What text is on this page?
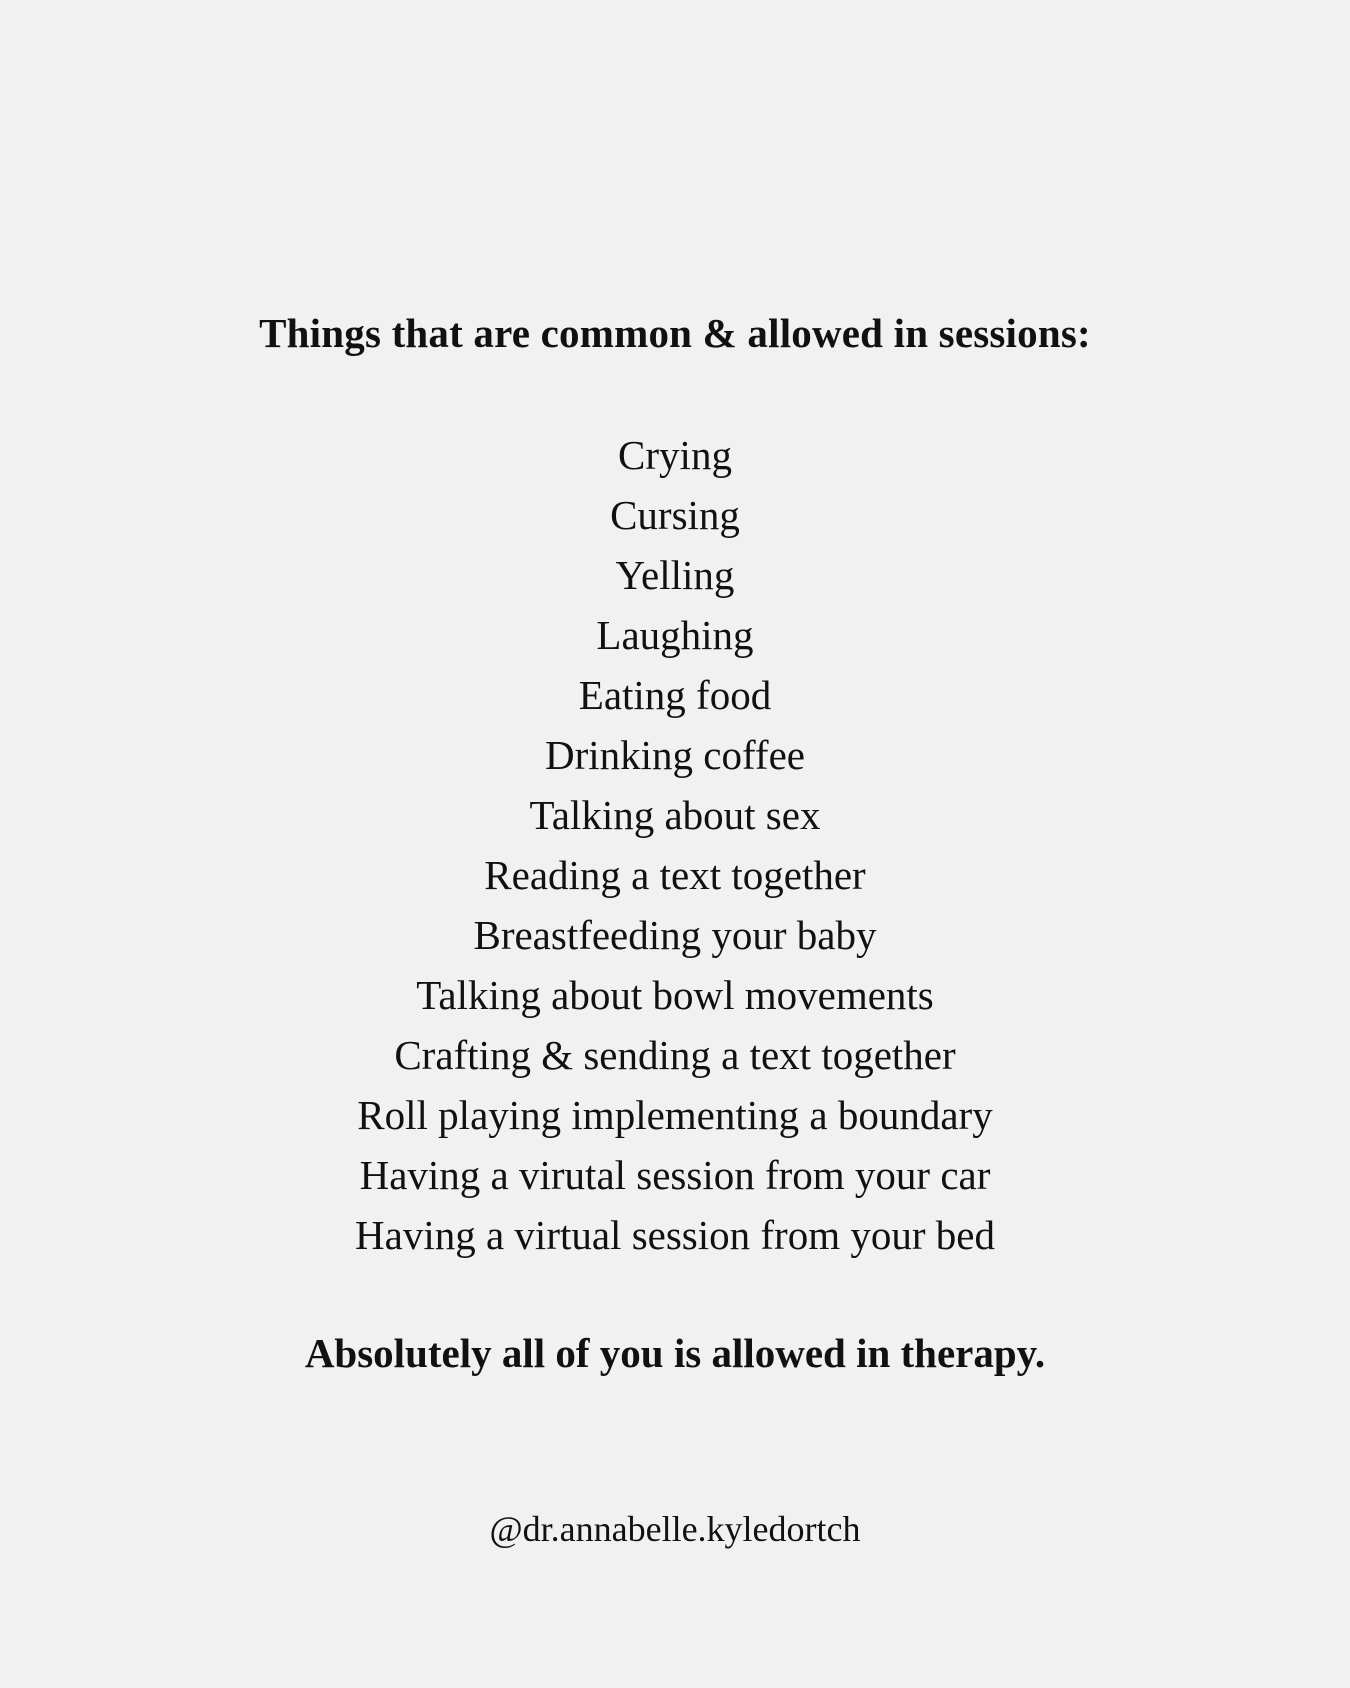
Things that are common & allowed in sessions:
Crying
Cursing
Yelling
Laughing
Eating food
Drinking coffee
Talking about sex
Reading a text together
Breastfeeding your baby
Talking about bowl movements
Crafting & sending a text together
Roll playing implementing a boundary
Having a virutal session from your car
Having a virtual session from your bed
Absolutely all of you is allowed in therapy.
@dr.annabelle.kyledortch
